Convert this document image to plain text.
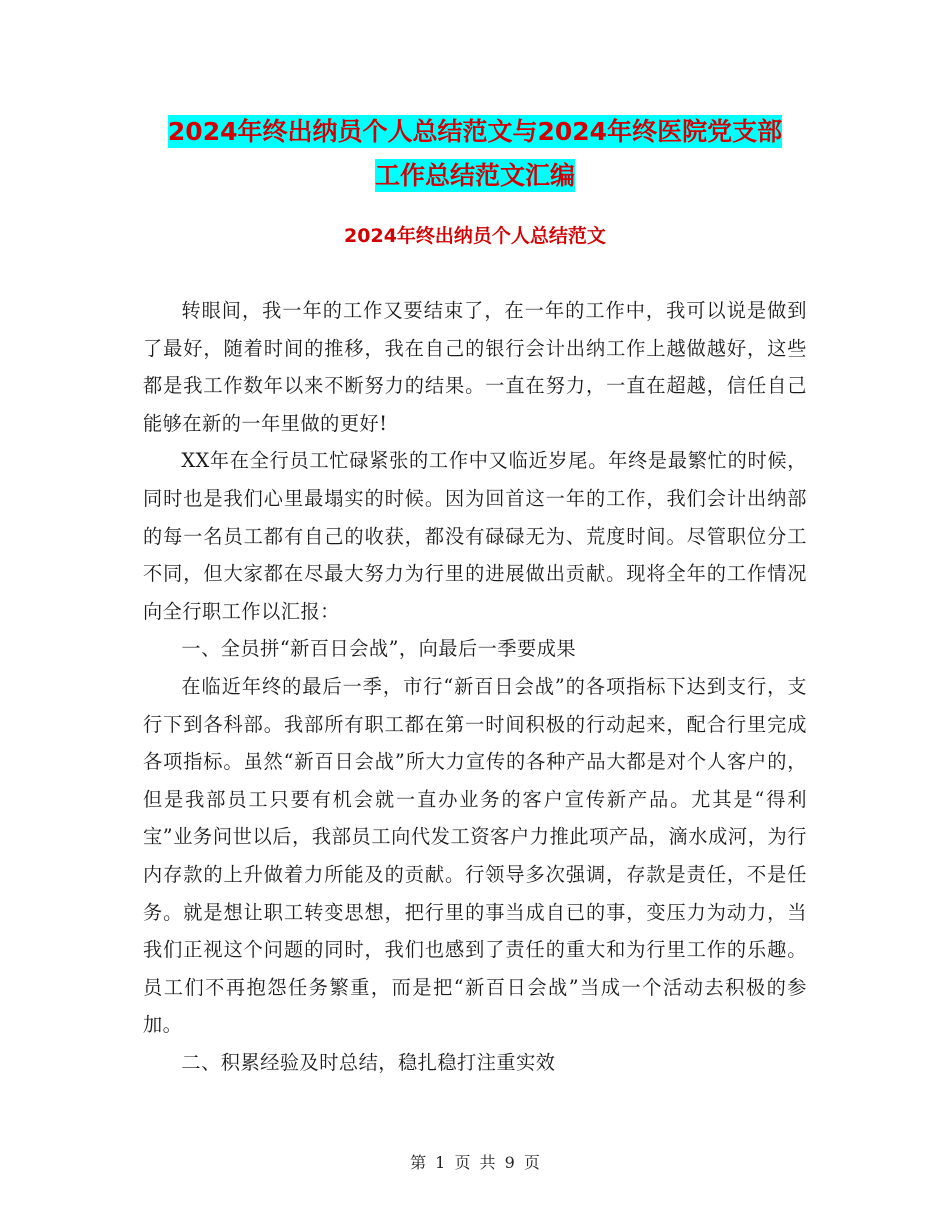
2024年终出纳员个人总结范文与2024年终医院党支部
工作总结范文汇编
2024年终出纳员个人总结范文

转眼间，我一年的工作又要结束了，在一年的工作中，我可以说是做到了最好，随着时间的推移，我在自己的银行会计出纳工作上越做越好，这些都是我工作数年以来不断努力的结果。一直在努力，一直在超越，信任自己能够在新的一年里做的更好!

XX年在全行员工忙碌紧张的工作中又临近岁尾。年终是最繁忙的时候，同时也是我们心里最塌实的时候。因为回首这一年的工作，我们会计出纳部的每一名员工都有自己的收获，都没有碌碌无为、荒度时间。尽管职位分工不同，但大家都在尽最大努力为行里的进展做出贡献。现将全年的工作情况向全行职工作以汇报：

一、全员拼“新百日会战”，向最后一季要成果

在临近年终的最后一季，市行“新百日会战”的各项指标下达到支行，支行下到各科部。我部所有职工都在第一时间积极的行动起来，配合行里完成各项指标。虽然“新百日会战”所大力宣传的各种产品大都是对个人客户的，但是我部员工只要有机会就一直办业务的客户宣传新产品。尤其是“得利宝”业务问世以后，我部员工向代发工资客户力推此项产品，滴水成河，为行内存款的上升做着力所能及的贡献。行领导多次强调，存款是责任，不是任务。就是想让职工转变思想，把行里的事当成自已的事，变压力为动力，当我们正视这个问题的同时，我们也感到了责任的重大和为行里工作的乐趣。员工们不再抱怨任务繁重，而是把“新百日会战”当成一个活动去积极的参加。

二、积累经验及时总结，稳扎稳打注重实效

第 1 页 共 9 页
